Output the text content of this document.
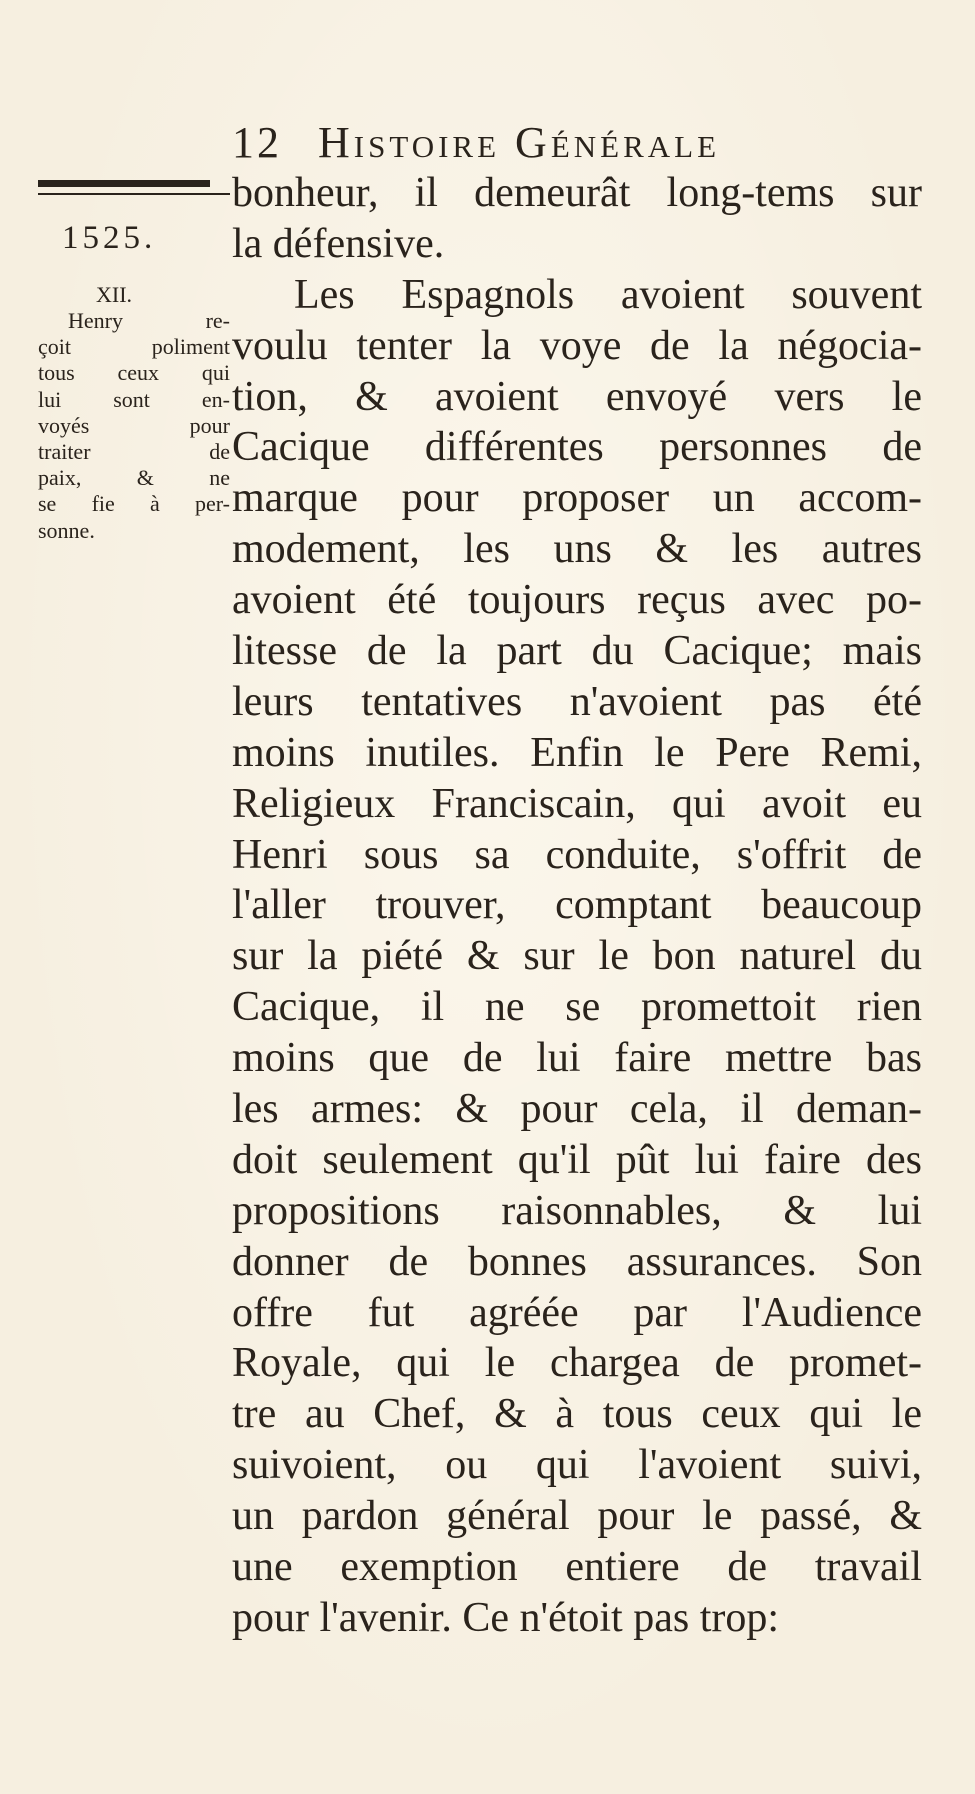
12 Histoire Générale
1525.
XII.
Henry re-
çoit poliment
tous ceux qui
lui sont en-
voyés pour
traiter de
paix, & ne
se fie à per-
sonne.
bonheur, il demeurât long-tems sur
la défensive.
Les Espagnols avoient souvent
voulu tenter la voye de la négocia-
tion, & avoient envoyé vers le
Cacique différentes personnes de
marque pour proposer un accom-
modement, les uns & les autres
avoient été toujours reçus avec po-
litesse de la part du Cacique; mais
leurs tentatives n'avoient pas été
moins inutiles. Enfin le Pere Remi,
Religieux Franciscain, qui avoit eu
Henri sous sa conduite, s'offrit de
l'aller trouver, comptant beaucoup
sur la piété & sur le bon naturel du
Cacique, il ne se promettoit rien
moins que de lui faire mettre bas
les armes: & pour cela, il deman-
doit seulement qu'il pût lui faire des
propositions raisonnables, & lui
donner de bonnes assurances. Son
offre fut agréée par l'Audience
Royale, qui le chargea de promet-
tre au Chef, & à tous ceux qui le
suivoient, ou qui l'avoient suivi,
un pardon général pour le passé, &
une exemption entiere de travail
pour l'avenir. Ce n'étoit pas trop:
